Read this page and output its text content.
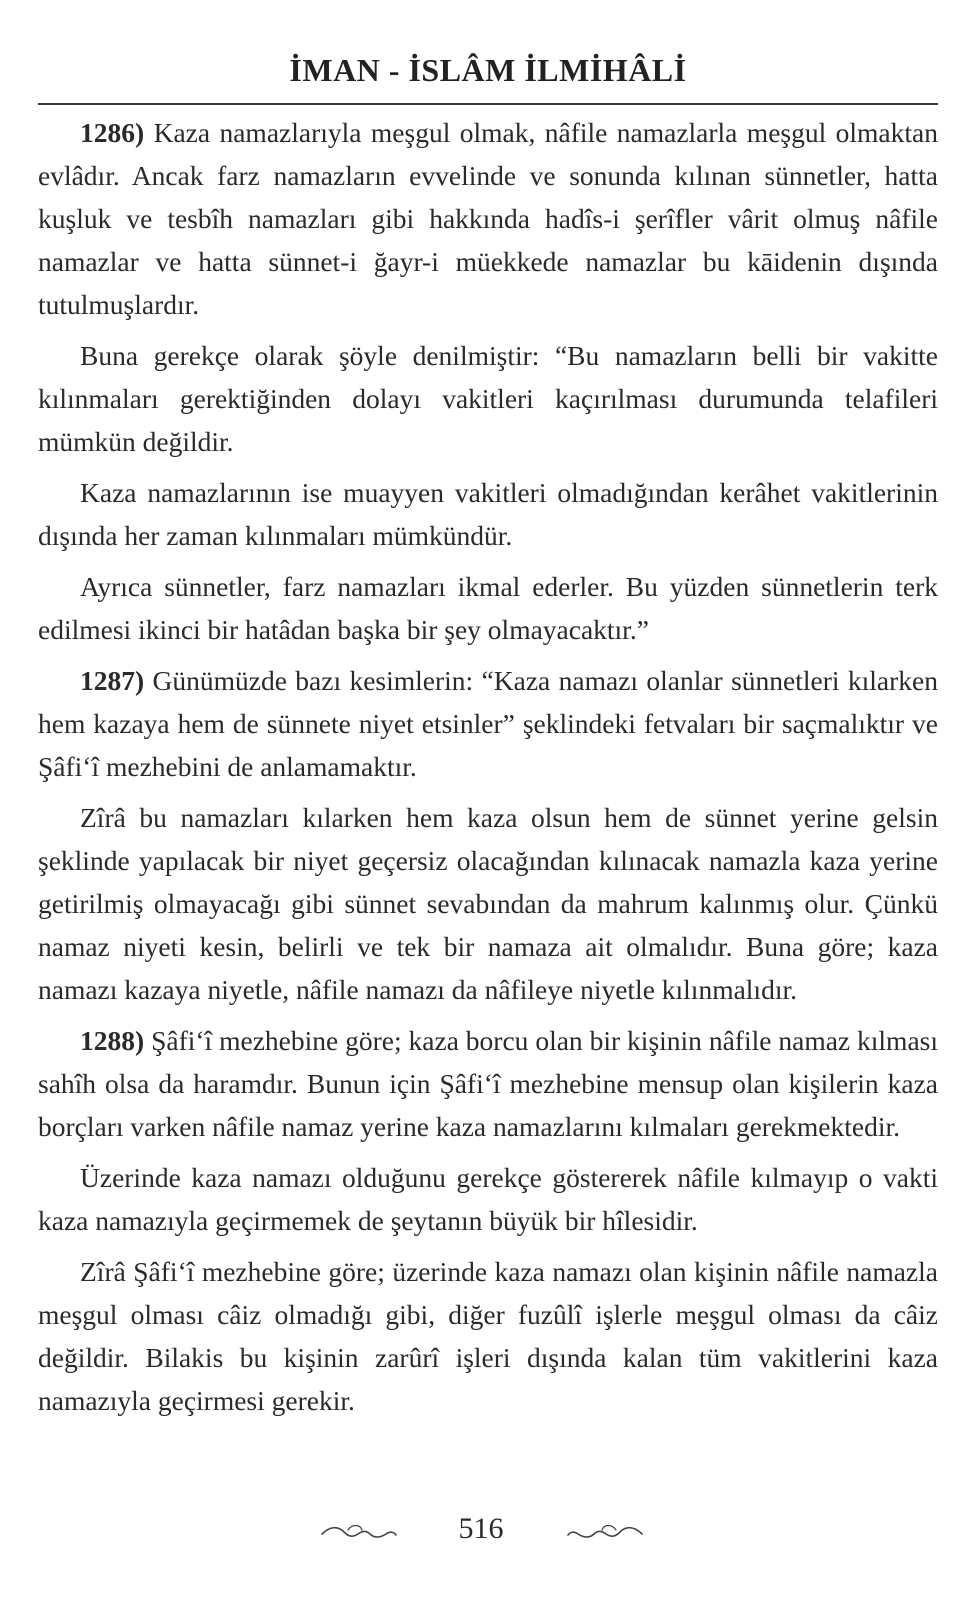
İMAN - İSLÂM İLMİHÂLİ

1286) Kaza namazlarıyla meşgul olmak, nâfile namazlarla meşgul olmaktan evlâdır. Ancak farz namazların evvelinde ve sonunda kılınan sünnetler, hatta kuşluk ve tesbîh namazları gibi hakkında hadîs-i şerîfler vârit olmuş nâfile namazlar ve hatta sünnet-i ğayr-i müekkede namazlar bu kāidenin dışında tutulmuşlardır.

Buna gerekçe olarak şöyle denilmiştir: “Bu namazların belli bir vakitte kılınmaları gerektiğinden dolayı vakitleri kaçırılması durumunda telafileri mümkün değildir.

Kaza namazlarının ise muayyen vakitleri olmadığından kerâhet vakitlerinin dışında her zaman kılınmaları mümkündür.

Ayrıca sünnetler, farz namazları ikmal ederler. Bu yüzden sünnetlerin terk edilmesi ikinci bir hatâdan başka bir şey olmayacaktır.”

1287) Günümüzde bazı kesimlerin: “Kaza namazı olanlar sünnetleri kılarken hem kazaya hem de sünnete niyet etsinler” şeklindeki fetvaları bir saçmalıktır ve Şâfi‘î mezhebini de anlamamaktır.

Zîrâ bu namazları kılarken hem kaza olsun hem de sünnet yerine gelsin şeklinde yapılacak bir niyet geçersiz olacağından kılınacak namazla kaza yerine getirilmiş olmayacağı gibi sünnet sevabından da mahrum kalınmış olur. Çünkü namaz niyeti kesin, belirli ve tek bir namaza ait olmalıdır. Buna göre; kaza namazı kazaya niyetle, nâfile namazı da nâfileye niyetle kılınmalıdır.

1288) Şâfi‘î mezhebine göre; kaza borcu olan bir kişinin nâfile namaz kılması sahîh olsa da haramdır. Bunun için Şâfi‘î mezhebine mensup olan kişilerin kaza borçları varken nâfile namaz yerine kaza namazlarını kılmaları gerekmektedir.

Üzerinde kaza namazı olduğunu gerekçe göstererek nâfile kılmayıp o vakti kaza namazıyla geçirmemek de şeytanın büyük bir hîlesidir.

Zîrâ Şâfi‘î mezhebine göre; üzerinde kaza namazı olan kişinin nâfile namazla meşgul olması câiz olmadığı gibi, diğer fuzûlî işlerle meşgul olması da câiz değildir. Bilakis bu kişinin zarûrî işleri dışında kalan tüm vakitlerini kaza namazıyla geçirmesi gerekir.

516
